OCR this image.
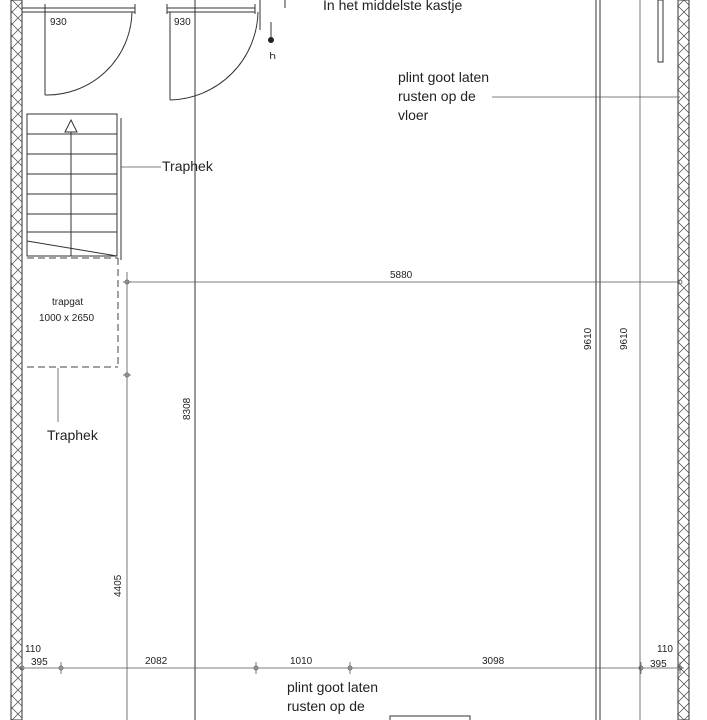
930	930
Ч
trapgat
1000 x 2650
5880
8308
9610	9610
4405
Traphek
Traphek
plint goot laten
rusten op de
vloer
In het middelste kastje
110
395	2082	1010	3098
110
395
plint goot laten
rusten op de
